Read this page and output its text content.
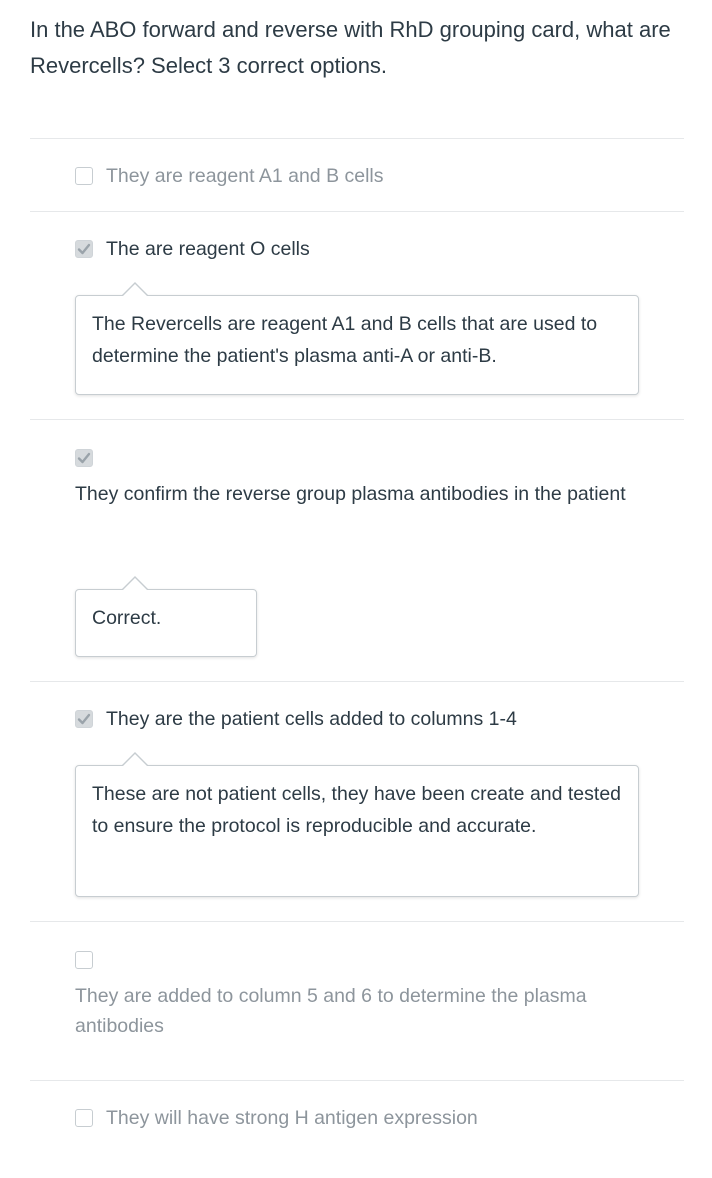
In the ABO forward and reverse with RhD grouping card, what are Revercells? Select 3 correct options.
They are reagent A1 and B cells
The are reagent O cells
The Revercells are reagent A1 and B cells that are used to determine the patient's plasma anti-A or anti-B.
They confirm the reverse group plasma antibodies in the patient
Correct.
They are the patient cells added to columns 1-4
These are not patient cells, they have been create and tested to ensure the protocol is reproducible and accurate.
They are added to column 5 and 6 to determine the plasma antibodies
They will have strong H antigen expression
